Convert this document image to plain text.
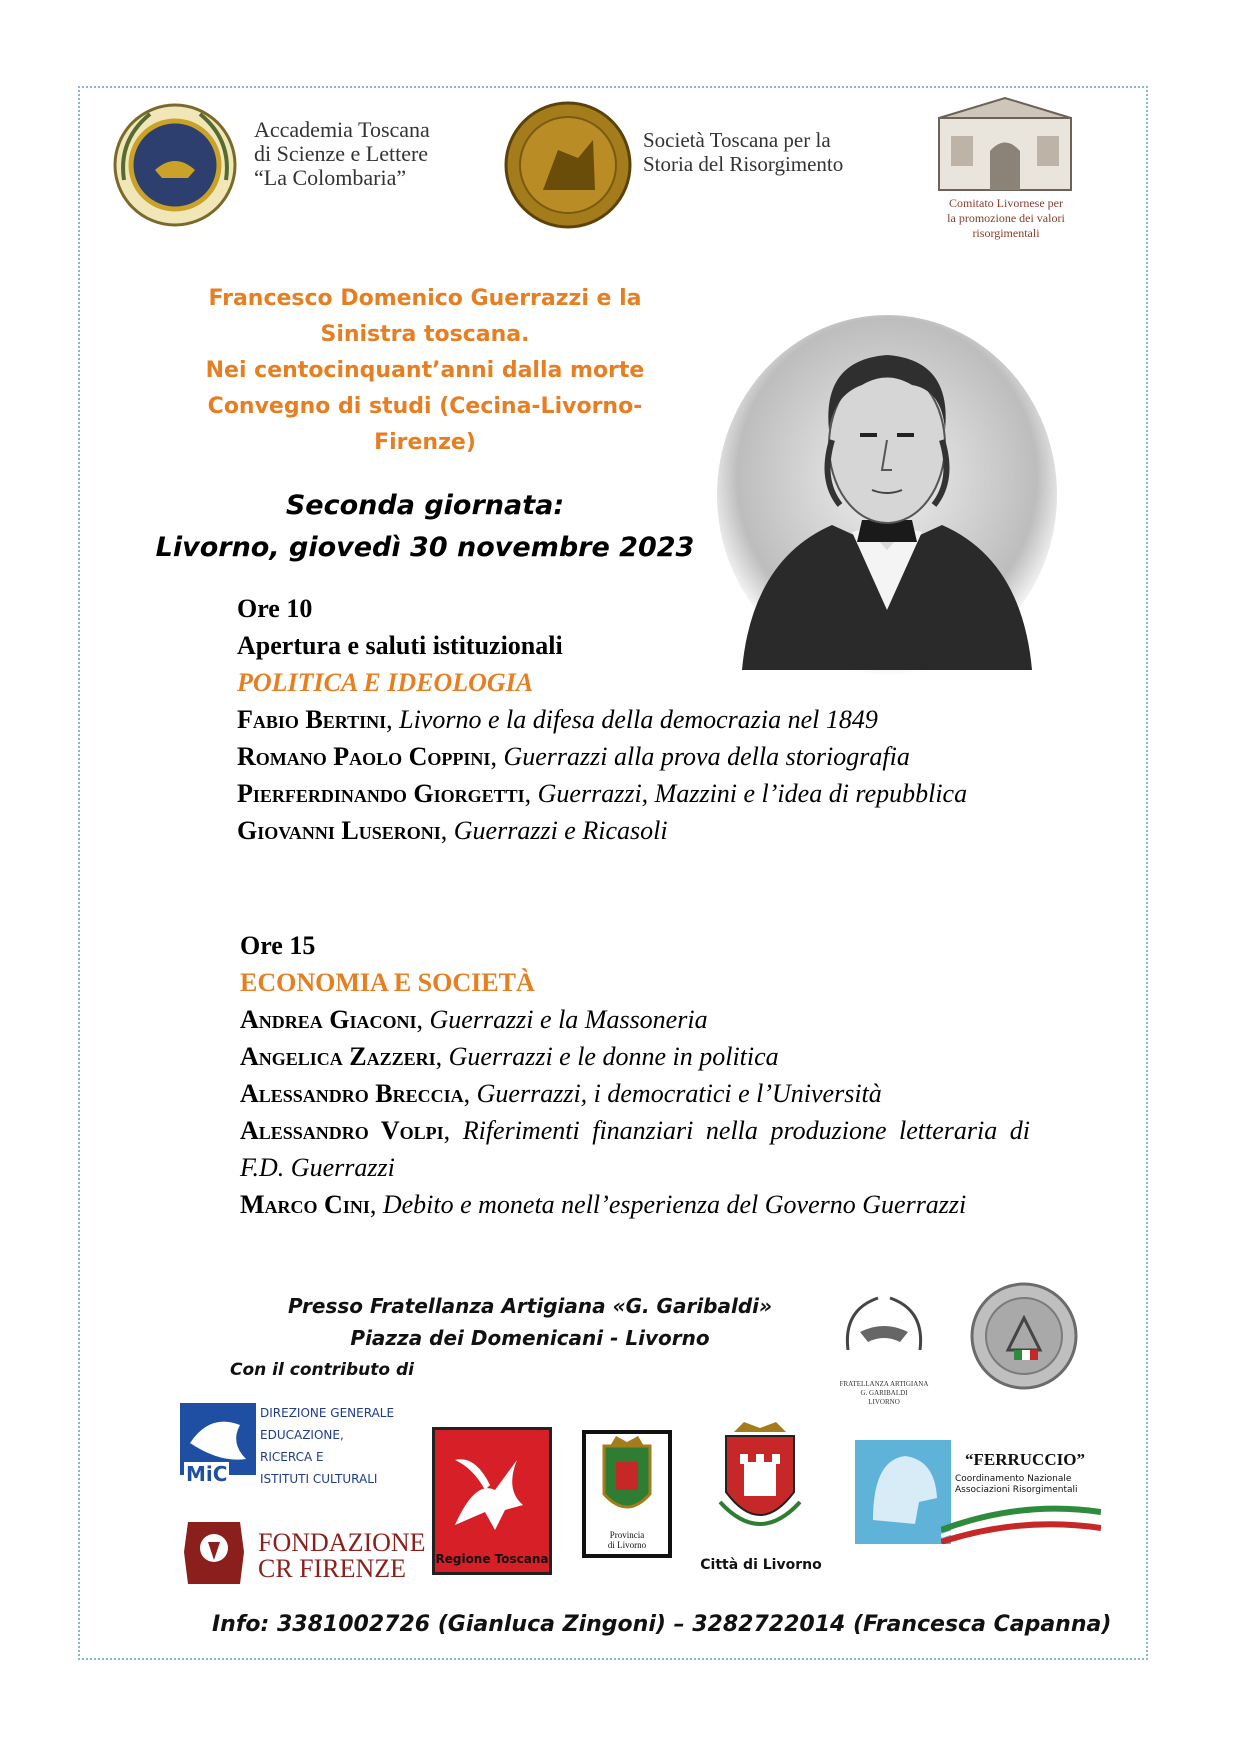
Accademia Toscana
di Scienze e Lettere
“La Colombaria”
Società Toscana per la
Storia del Risorgimento
Comitato Livornese per
la promozione dei valori
risorgimentali
Francesco Domenico Guerrazzi e la
Sinistra toscana.
Nei centocinquant’anni dalla morte
Convegno di studi (Cecina-Livorno-
Firenze)
Seconda giornata:
Livorno, giovedì 30 novembre 2023
Ore 10
Apertura e saluti istituzionali
POLITICA E IDEOLOGIA
Fabio Bertini, Livorno e la difesa della democrazia nel 1849
Romano Paolo Coppini, Guerrazzi alla prova della storiografia
Pierferdinando Giorgetti, Guerrazzi, Mazzini e l’idea di repubblica
Giovanni Luseroni, Guerrazzi e Ricasoli
Ore 15
ECONOMIA E SOCIETÀ
Andrea Giaconi, Guerrazzi e la Massoneria
Angelica Zazzeri, Guerrazzi e le donne in politica
Alessandro Breccia, Guerrazzi, i democratici e l’Università
Alessandro Volpi, Riferimenti finanziari nella produzione letteraria di F.D. Guerrazzi
Marco Cini, Debito e moneta nell’esperienza del Governo Guerrazzi
Presso Fratellanza Artigiana «G. Garibaldi»
Piazza dei Domenicani - Livorno
Con il contributo di
FRATELLANZA ARTIGIANA
G. GARIBALDI
LIVORNO
MiC
DIREZIONE GENERALE
EDUCAZIONE,
RICERCA E
ISTITUTI CULTURALI
FONDAZIONE
CR FIRENZE	Regione Toscana
Provincia
di Livorno
Città di Livorno
“FERRUCCIO”
Coordinamento Nazionale
Associazioni Risorgimentali
Info: 3381002726 (Gianluca Zingoni) – 3282722014 (Francesca Capanna)
